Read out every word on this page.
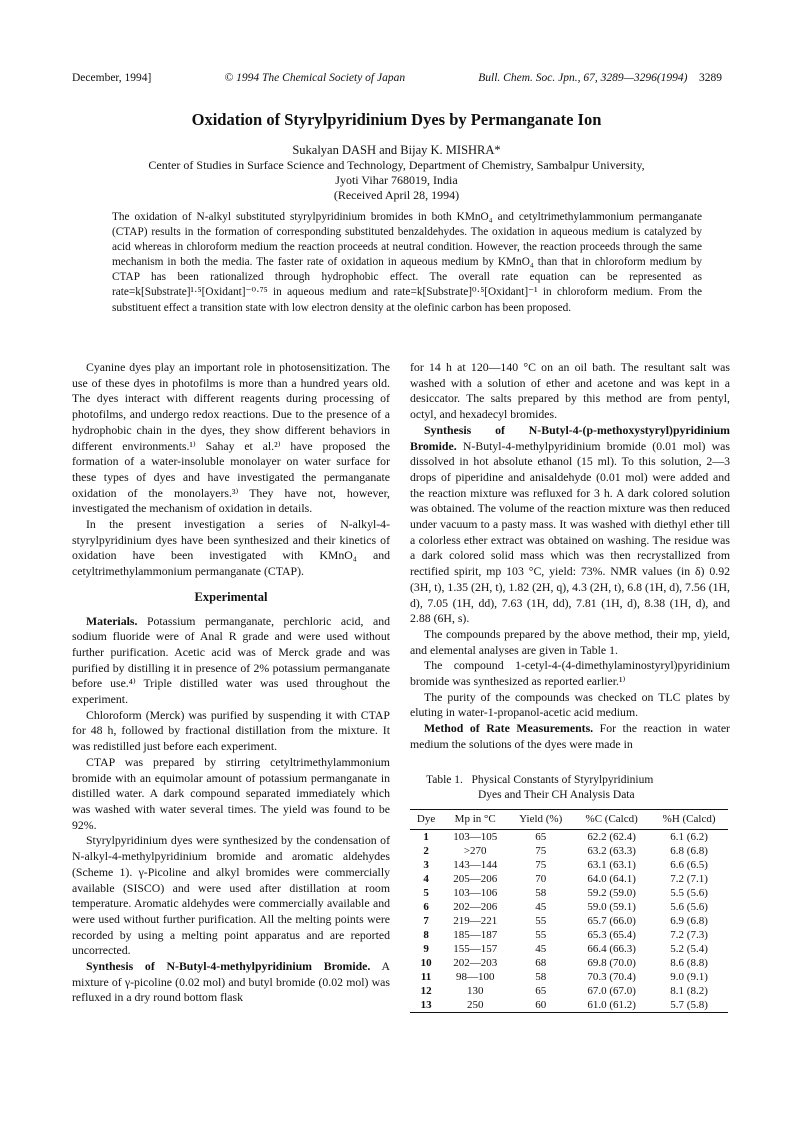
December, 1994]	© 1994 The Chemical Society of Japan	Bull. Chem. Soc. Jpn., 67, 3289—3296(1994) 3289
Oxidation of Styrylpyridinium Dyes by Permanganate Ion
Sukalyan DASH and Bijay K. MISHRA*
Center of Studies in Surface Science and Technology, Department of Chemistry, Sambalpur University,
Jyoti Vihar 768019, India
(Received April 28, 1994)
The oxidation of N-alkyl substituted styrylpyridinium bromides in both KMnO₄ and cetyltrimethylammonium permanganate (CTAP) results in the formation of corresponding substituted benzaldehydes. The oxidation in aqueous medium is catalyzed by acid whereas in chloroform medium the reaction proceeds at neutral condition. However, the reaction proceeds through the same mechanism in both the media. The faster rate of oxidation in aqueous medium by KMnO₄ than that in chloroform medium by CTAP has been rationalized through hydrophobic effect. The overall rate equation can be represented as rate=k[Substrate]¹·⁵[Oxidant]⁻⁰·⁷⁵ in aqueous medium and rate=k[Substrate]⁰·⁵[Oxidant]⁻¹ in chloroform medium. From the substituent effect a transition state with low electron density at the olefinic carbon has been proposed.

Cyanine dyes play an important role in photosensitization. The use of these dyes in photofilms is more than a hundred years old. The dyes interact with different reagents during processing of photofilms, and undergo redox reactions. Due to the presence of a hydrophobic chain in the dyes, they show different behaviors in different environments.¹⁾ Sahay et al.²⁾ have proposed the formation of a water-insoluble monolayer on water surface for these types of dyes and have investigated the permanganate oxidation of the monolayers.³⁾ They have not, however, investigated the mechanism of oxidation in details.

In the present investigation a series of N-alkyl-4-styrylpyridinium dyes have been synthesized and their kinetics of oxidation have been investigated with KMnO₄ and cetyltrimethylammonium permanganate (CTAP).

Experimental

Materials. Potassium permanganate, perchloric acid, and sodium fluoride were of Anal R grade and were used without further purification. Acetic acid was of Merck grade and was purified by distilling it in presence of 2% potassium permanganate before use.⁴⁾ Triple distilled water was used throughout the experiment.

Chloroform (Merck) was purified by suspending it with CTAP for 48 h, followed by fractional distillation from the mixture. It was redistilled just before each experiment.

CTAP was prepared by stirring cetyltrimethylammonium bromide with an equimolar amount of potassium permanganate in distilled water. A dark compound separated immediately which was washed with water several times. The yield was found to be 92%.

Styrylpyridinium dyes were synthesized by the condensation of N-alkyl-4-methylpyridinium bromide and aromatic aldehydes (Scheme 1). γ-Picoline and alkyl bromides were commercially available (SISCO) and were used after distillation at room temperature. Aromatic aldehydes were commercially available and were used without further purification. All the melting points were recorded by using a melting point apparatus and are reported uncorrected.

Synthesis of N-Butyl-4-methylpyridinium Bromide. A mixture of γ-picoline (0.02 mol) and butyl bromide (0.02 mol) was refluxed in a dry round bottom flask

for 14 h at 120—140 °C on an oil bath. The resultant salt was washed with a solution of ether and acetone and was kept in a desiccator. The salts prepared by this method are from pentyl, octyl, and hexadecyl bromides.

Synthesis of N-Butyl-4-(p-methoxystyryl)pyridinium Bromide. N-Butyl-4-methylpyridinium bromide (0.01 mol) was dissolved in hot absolute ethanol (15 ml). To this solution, 2—3 drops of piperidine and anisaldehyde (0.01 mol) were added and the reaction mixture was refluxed for 3 h. A dark colored solution was obtained. The volume of the reaction mixture was then reduced under vacuum to a pasty mass. It was washed with diethyl ether till a colorless ether extract was obtained on washing. The residue was a dark colored solid mass which was then recrystallized from rectified spirit, mp 103 °C, yield: 73%. NMR values (in δ) 0.92 (3H, t), 1.35 (2H, t), 1.82 (2H, q), 4.3 (2H, t), 6.8 (1H, d), 7.56 (1H, d), 7.05 (1H, dd), 7.63 (1H, dd), 7.81 (1H, d), 8.38 (1H, d), and 2.88 (6H, s).

The compounds prepared by the above method, their mp, yield, and elemental analyses are given in Table 1.

The compound 1-cetyl-4-(4-dimethylaminostyryl)pyridinium bromide was synthesized as reported earlier.¹⁾

The purity of the compounds was checked on TLC plates by eluting in water-1-propanol-acetic acid medium.

Method of Rate Measurements. For the reaction in water medium the solutions of the dyes were made in

Table 1. Physical Constants of Styrylpyridinium
Dyes and Their CH Analysis Data
Dye	Mp in °C	Yield (%)	%C (Calcd)	%H (Calcd)
1	103—105	65	62.2 (62.4)	6.1 (6.2)
2	>270	75	63.2 (63.3)	6.8 (6.8)
3	143—144	75	63.1 (63.1)	6.6 (6.5)
4	205—206	70	64.0 (64.1)	7.2 (7.1)
5	103—106	58	59.2 (59.0)	5.5 (5.6)
6	202—206	45	59.0 (59.1)	5.6 (5.6)
7	219—221	55	65.7 (66.0)	6.9 (6.8)
8	185—187	55	65.3 (65.4)	7.2 (7.3)
9	155—157	45	66.4 (66.3)	5.2 (5.4)
10	202—203	68	69.8 (70.0)	8.6 (8.8)
11	98—100	58	70.3 (70.4)	9.0 (9.1)
12	130	65	67.0 (67.0)	8.1 (8.2)
13	250	60	61.0 (61.2)	5.7 (5.8)
